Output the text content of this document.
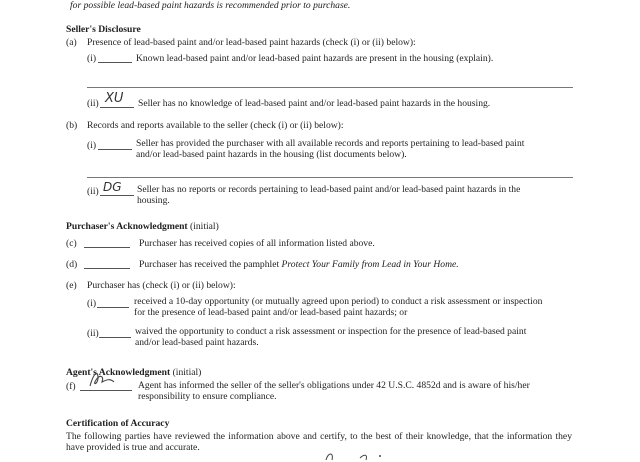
for possible lead-based paint hazards is recommended prior to purchase.
Seller's Disclosure
(a) Presence of lead-based paint and/or lead-based paint hazards (check (i) or (ii) below):
(i)	Known lead-based paint and/or lead-based paint hazards are present in the housing (explain).
(ii) XU Seller has no knowledge of lead-based paint and/or lead-based paint hazards in the housing.
(b) Records and reports available to the seller (check (i) or (ii) below):
(i)	Seller has provided the purchaser with all available records and reports pertaining to lead-based paint and/or lead-based paint hazards in the housing (list documents below).
(ii) DG Seller has no reports or records pertaining to lead-based paint and/or lead-based paint hazards in the housing.
Purchaser's Acknowledgment (initial)
(c)	Purchaser has received copies of all information listed above.
(d)	Purchaser has received the pamphlet Protect Your Family from Lead in Your Home.
(e) Purchaser has (check (i) or (ii) below):
(i)	received a 10-day opportunity (or mutually agreed upon period) to conduct a risk assessment or inspection for the presence of lead-based paint and/or lead-based paint hazards; or
(ii)	waived the opportunity to conduct a risk assessment or inspection for the presence of lead-based paint and/or lead-based paint hazards.
Agent's Acknowledgment (initial)
(f)	Agent has informed the seller of the seller's obligations under 42 U.S.C. 4852d and is aware of his/her responsibility to ensure compliance.
Certification of Accuracy
The following parties have reviewed the information above and certify, to the best of their knowledge, that the information they have provided is true and accurate.
